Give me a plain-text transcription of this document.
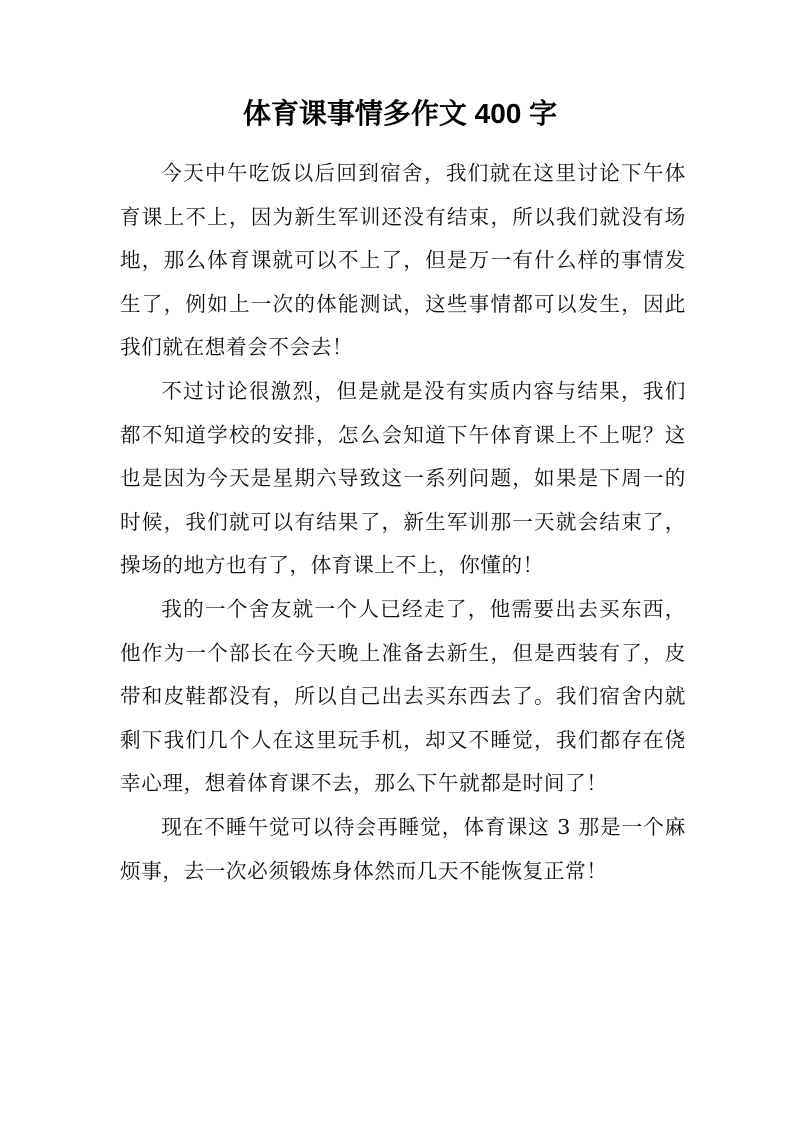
体育课事情多作文 400 字

今天中午吃饭以后回到宿舍，我们就在这里讨论下午体育课上不上，因为新生军训还没有结束，所以我们就没有场地，那么体育课就可以不上了，但是万一有什么样的事情发生了，例如上一次的体能测试，这些事情都可以发生，因此我们就在想着会不会去！

不过讨论很激烈，但是就是没有实质内容与结果，我们都不知道学校的安排，怎么会知道下午体育课上不上呢？这也是因为今天是星期六导致这一系列问题，如果是下周一的时候，我们就可以有结果了，新生军训那一天就会结束了，操场的地方也有了，体育课上不上，你懂的！

我的一个舍友就一个人已经走了，他需要出去买东西，他作为一个部长在今天晚上准备去新生，但是西装有了，皮带和皮鞋都没有，所以自己出去买东西去了。我们宿舍内就剩下我们几个人在这里玩手机，却又不睡觉，我们都存在侥幸心理，想着体育课不去，那么下午就都是时间了！

现在不睡午觉可以待会再睡觉，体育课这 3 那是一个麻烦事，去一次必须锻炼身体然而几天不能恢复正常！
